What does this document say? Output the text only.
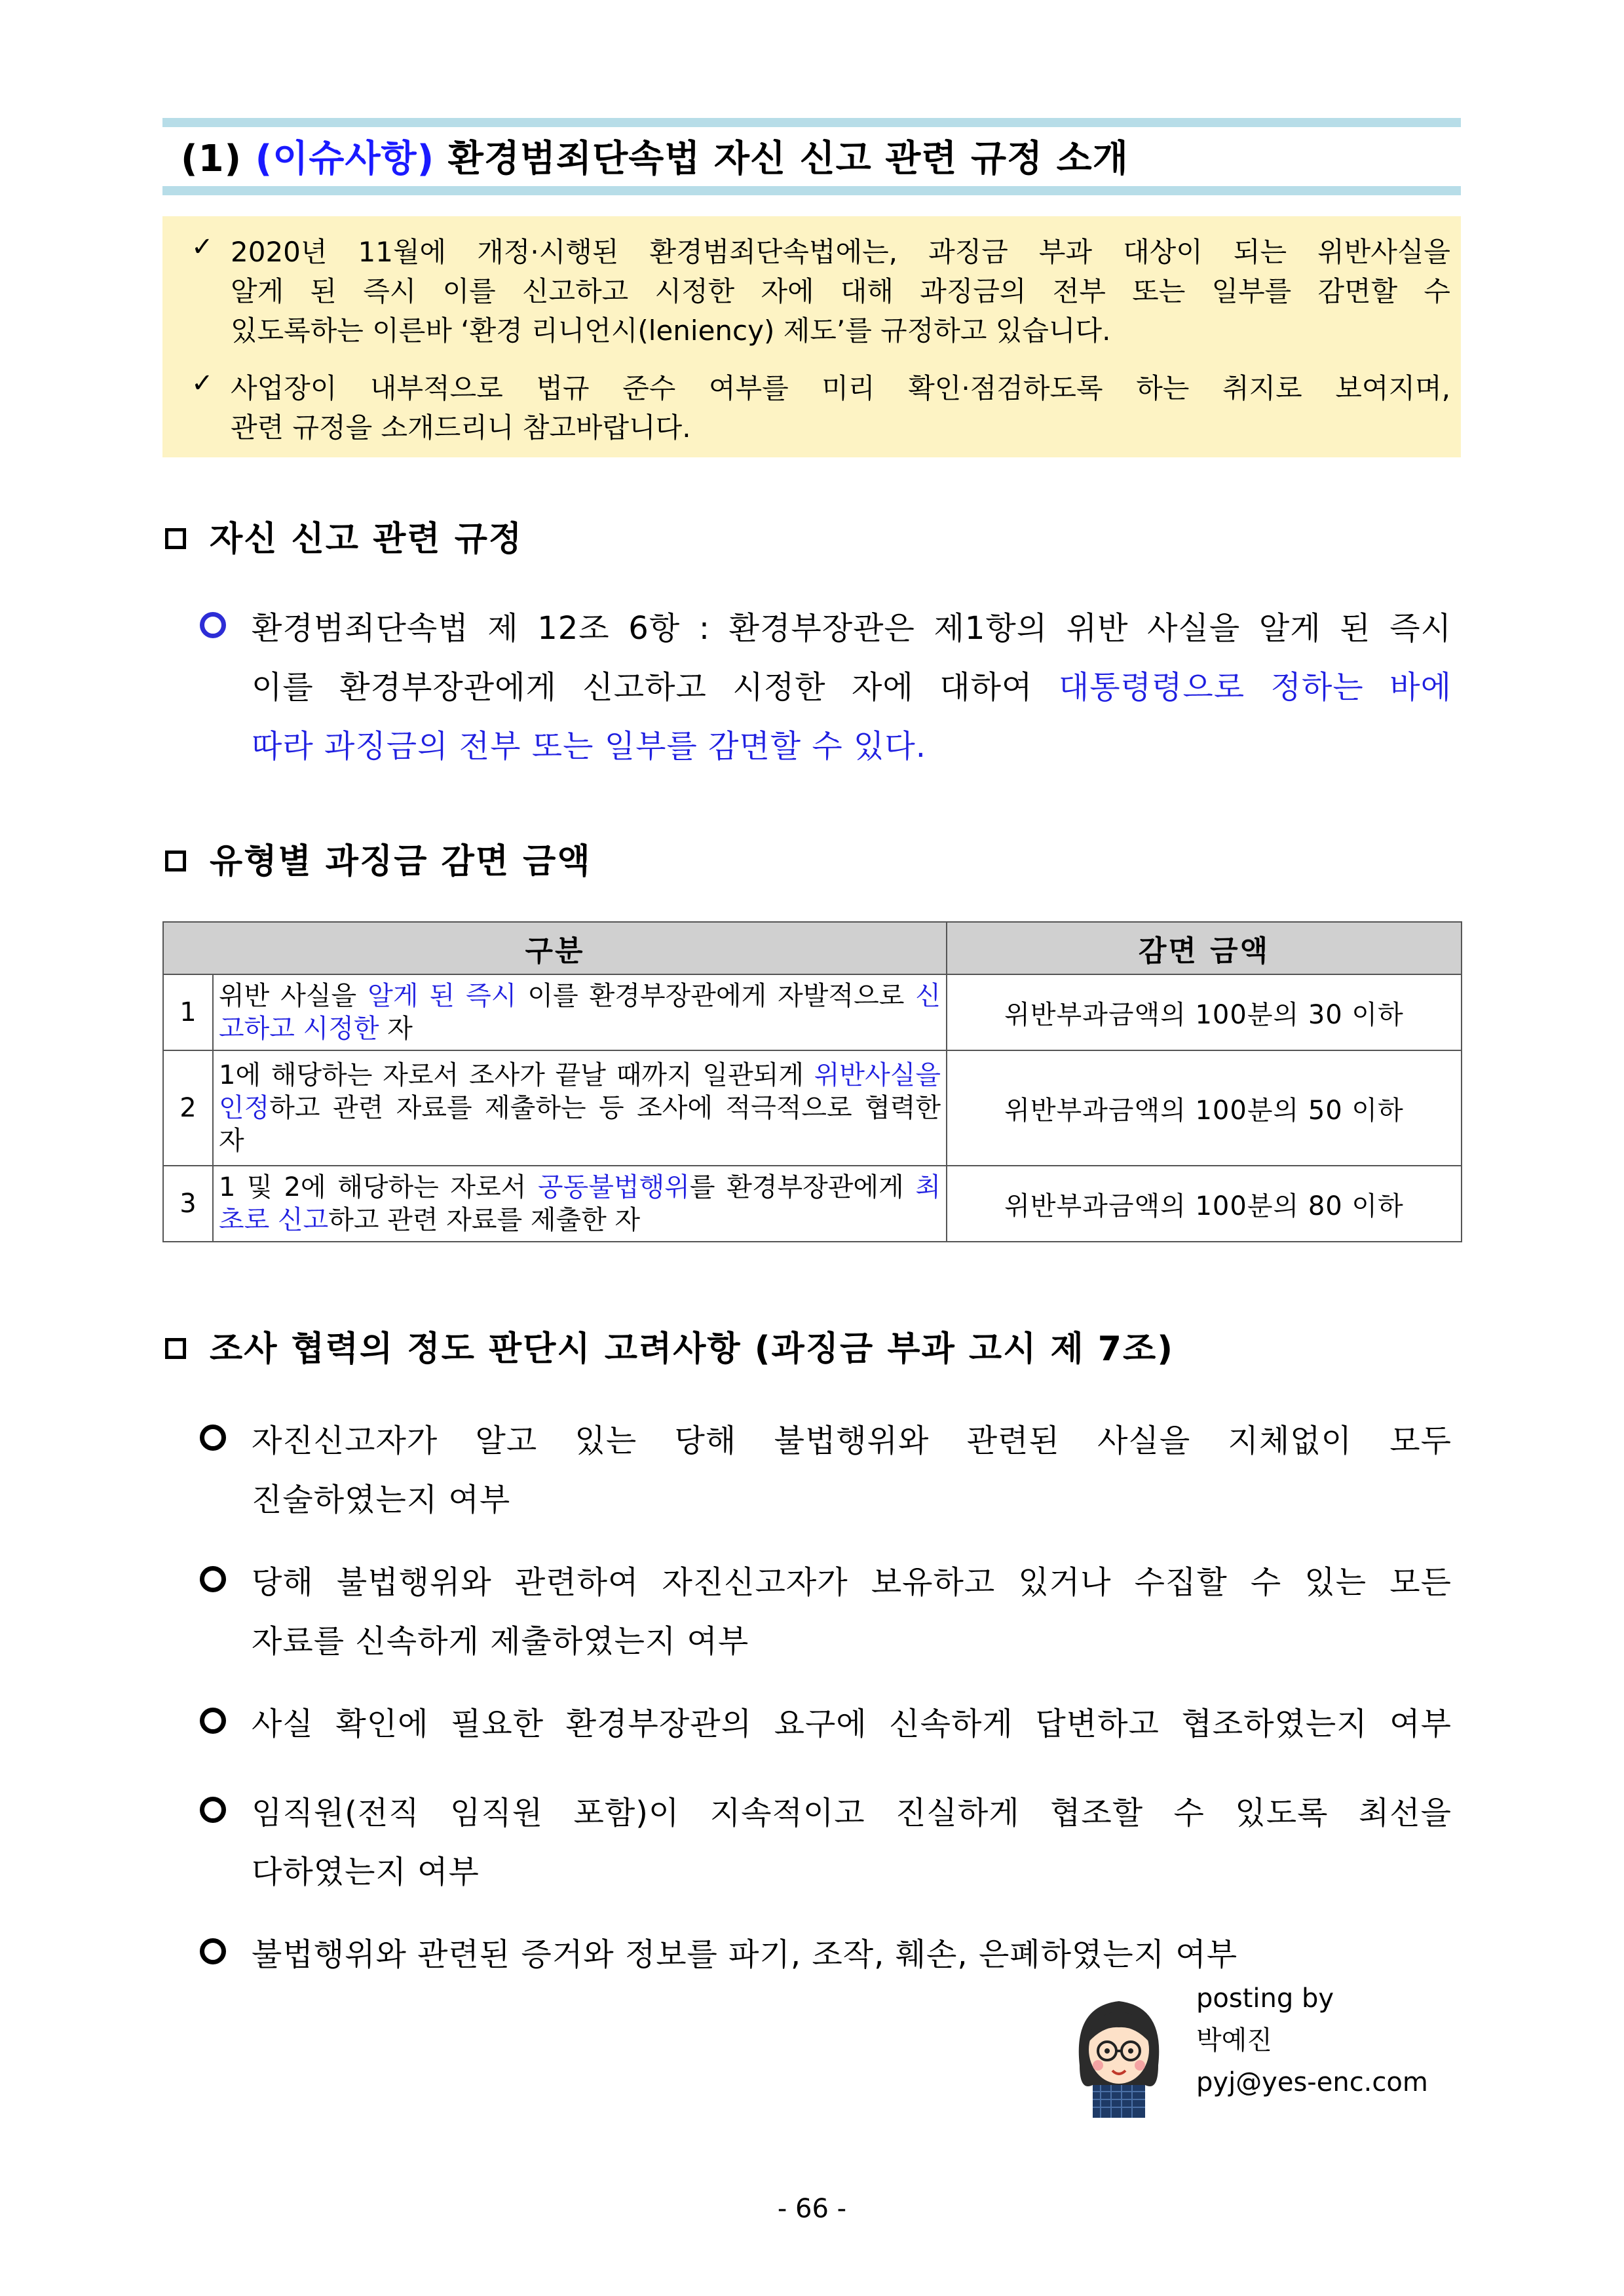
(1) (이슈사항) 환경범죄단속법 자신 신고 관련 규정 소개
✓ 2020년 11월에 개정·시행된 환경범죄단속법에는, 과징금 부과 대상이 되는 위반사실을
알게 된 즉시 이를 신고하고 시정한 자에 대해 과징금의 전부 또는 일부를 감면할 수
있도록하는 이른바 ‘환경 리니언시(leniency) 제도’를 규정하고 있습니다.
✓ 사업장이 내부적으로 법규 준수 여부를 미리 확인·점검하도록 하는 취지로 보여지며,
관련 규정을 소개드리니 참고바랍니다.
자신 신고 관련 규정
환경범죄단속법 제 12조 6항 : 환경부장관은 제1항의 위반 사실을 알게 된 즉시
이를 환경부장관에게 신고하고 시정한 자에 대하여 대통령령으로 정하는 바에
따라 과징금의 전부 또는 일부를 감면할 수 있다.
유형별 과징금 감면 금액
구분		감면 금액
1	위반 사실을 알게 된 즉시 이를 환경부장관에게 자발적으로 신고하고 시정한 자	위반부과금액의 100분의 30 이하
2	1에 해당하는 자로서 조사가 끝날 때까지 일관되게 위반사실을 인정하고 관련 자료를 제출하는 등 조사에 적극적으로 협력한 자	위반부과금액의 100분의 50 이하
3	1 및 2에 해당하는 자로서 공동불법행위를 환경부장관에게 최초로 신고하고 관련 자료를 제출한 자	위반부과금액의 100분의 80 이하
조사 협력의 정도 판단시 고려사항 (과징금 부과 고시 제 7조)
자진신고자가 알고 있는 당해 불법행위와 관련된 사실을 지체없이 모두
진술하였는지 여부
당해 불법행위와 관련하여 자진신고자가 보유하고 있거나 수집할 수 있는 모든
자료를 신속하게 제출하였는지 여부
사실 확인에 필요한 환경부장관의 요구에 신속하게 답변하고 협조하였는지 여부
임직원(전직 임직원 포함)이 지속적이고 진실하게 협조할 수 있도록 최선을
다하였는지 여부
불법행위와 관련된 증거와 정보를 파기, 조작, 훼손, 은폐하였는지 여부
posting by
박예진
pyj@yes-enc.com
- 66 -
